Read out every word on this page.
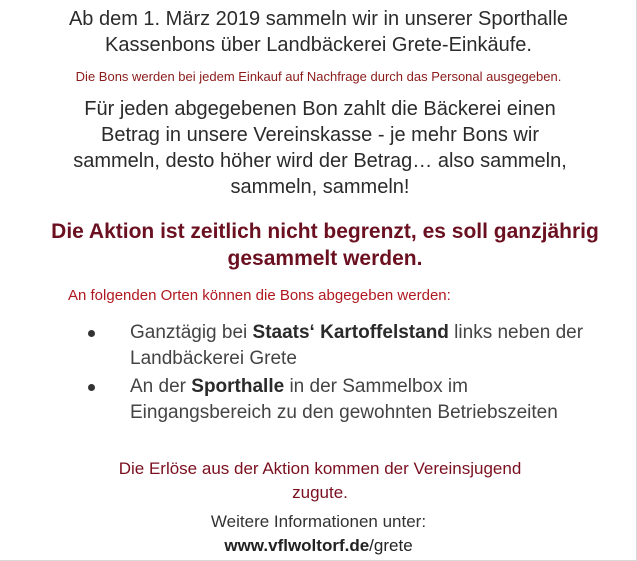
Ab dem 1. März 2019 sammeln wir in unserer Sporthalle
Kassenbons über Landbäckerei Grete-Einkäufe.
Die Bons werden bei jedem Einkauf auf Nachfrage durch das Personal ausgegeben.
Für jeden abgegebenen Bon zahlt die Bäckerei einen
Betrag in unsere Vereinskasse - je mehr Bons wir
sammeln, desto höher wird der Betrag… also sammeln,
sammeln, sammeln!
Die Aktion ist zeitlich nicht begrenzt, es soll ganzjährig
gesammelt werden.
An folgenden Orten können die Bons abgegeben werden:
Ganztägig bei Staats‘ Kartoffelstand links neben der Landbäckerei Grete
An der Sporthalle in der Sammelbox im Eingangsbereich zu den gewohnten Betriebszeiten
Die Erlöse aus der Aktion kommen der Vereinsjugend
zugute.
Weitere Informationen unter:
www.vflwoltorf.de/grete
